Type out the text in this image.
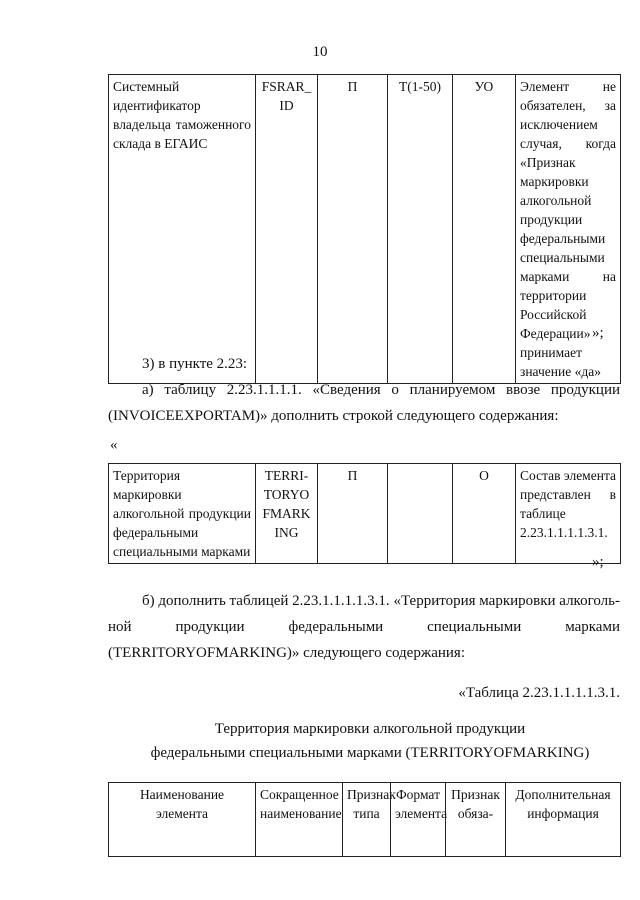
10
Системный идентификатор владельца таможенного склада в ЕГАИС	FSRAR_ ID	П	Т(1-50)	УО	Элемент не обязателен, за исключением случая, когда «Признак маркировки алкогольной продукции федеральными специальными марками на территории Российской Федерации» принимает значение «да»
»;
3) в пункте 2.23:
а) таблицу 2.23.1.1.1.1. «Сведения о планируемом ввозе продукции
(INVOICEEXPORTAM)» дополнить строкой следующего содержания:
«
Территория маркировки алкогольной продукции федеральными специальными марками	TERRI- TORYO FMARK ING	П		О	Состав элемента представлен в таблице 2.23.1.1.1.1.3.1.
»;
б) дополнить таблицей 2.23.1.1.1.1.3.1. «Территория маркировки алкоголь-
ной продукции федеральными специальными марками
(TERRITORYOFMARKING)» следующего содержания:
«Таблица 2.23.1.1.1.1.3.1.
Территория маркировки алкогольной продукции
федеральными специальными марками (TERRITORYOFMARKING)
Наименование элемента	Сокращенное наименование	Признак типа	Формат элемента	Признак обяза-	Дополнительная информация
